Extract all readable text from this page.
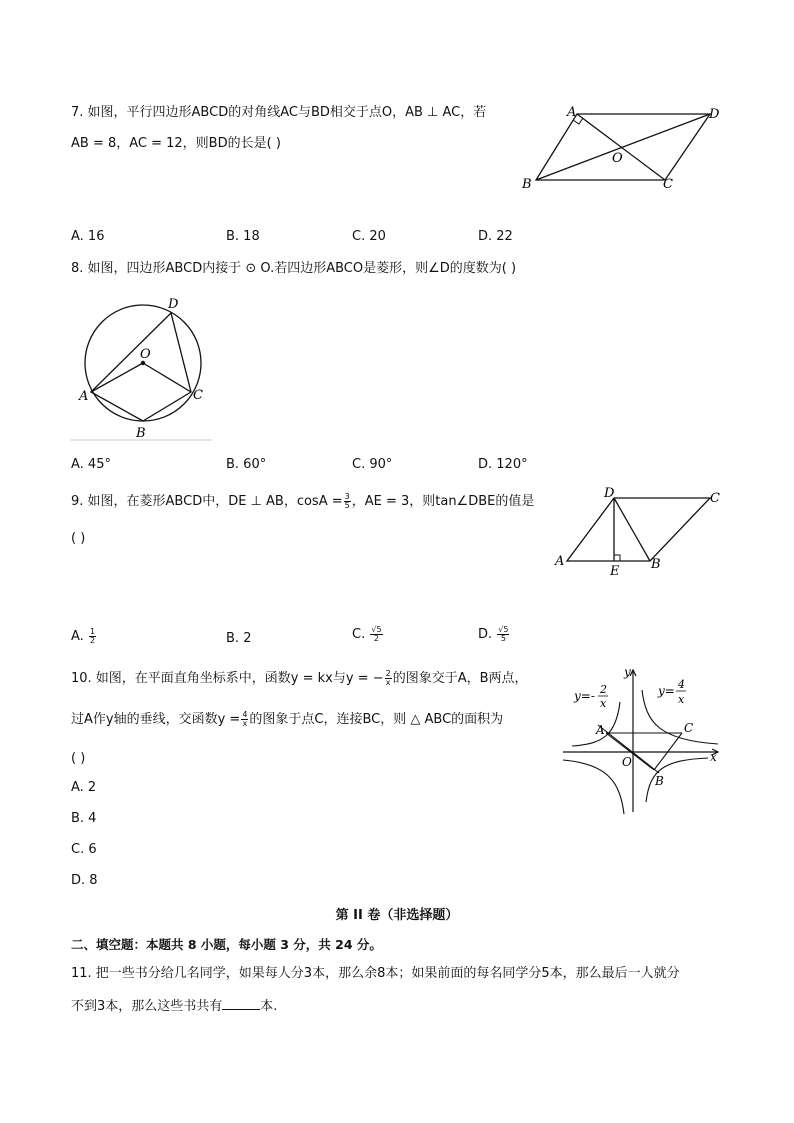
7. 如图，平行四边形ABCD的对角线AC与BD相交于点O，AB ⊥ AC，若
AB = 8，AC = 12，则BD的长是( )
A	D
B	C
O
A. 16	B. 18	C. 20	D. 22
8. 如图，四边形ABCD内接于 ⊙ O.若四边形ABCO是菱形，则∠D的度数为( )
D
O
A	C
B
A. 45°	B. 60°	C. 90°	D. 120°
9. 如图，在菱形ABCD中，DE ⊥ AB，$\cos A = \frac{3}{5}$ ，AE = 3，则tan∠DBE的值是
( )
D	C
A
E B
A. $\frac{1}{2}$	B. 2	C. $\frac{√5}{2}$	D. $\frac{√5}{5}$
10. 如图，在平面直角坐标系中，函数y = kx与y = − $\frac{2}{x}$ 的图象交于A，B两点，
过A作y轴的垂线，交函数$y = \frac{4}{x}$ 的图象于点C，连接BC，则 △ ABC的面积为
( )
y
x
O
A	C
B
y=- 2
x
y= 4
x
A. 2
B. 4
C. 6
D. 8
第 II 卷（非选择题）
二、填空题：本题共 8 小题，每小题 3 分，共 24 分。
11. 把一些书分给几名同学，如果每人分3本，那么余8本；如果前面的每名同学分5本，那么最后一人就分
不到3本，那么这些书共有	本.
